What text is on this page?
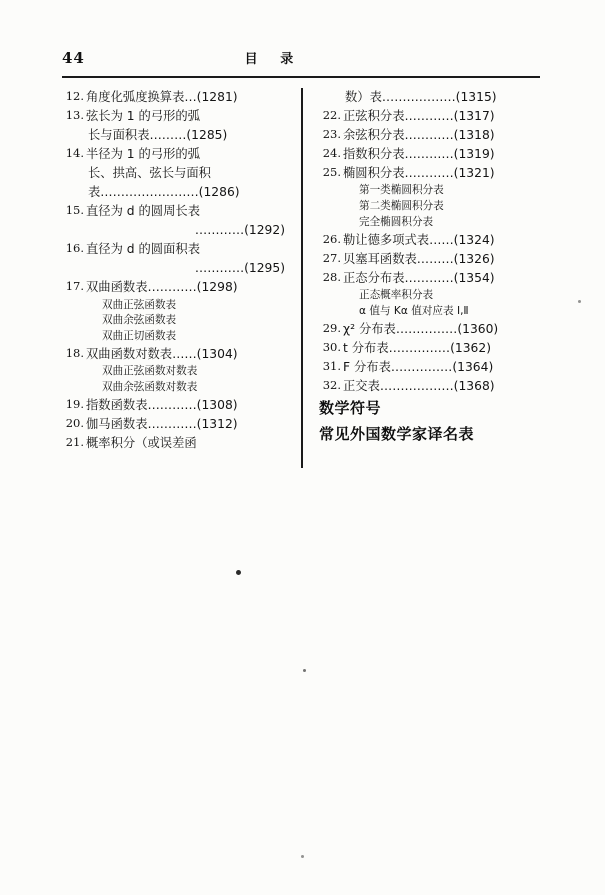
44	目 录
12. 角度化弧度换算表…(1281)
13. 弦长为 1 的弓形的弧
长与面积表………(1285)
14. 半径为 1 的弓形的弧
长、拱高、弦长与面积
表……………………(1286)
15. 直径为 d 的圆周长表
…………(1292)
16. 直径为 d 的圆面积表
…………(1295)
17. 双曲函数表…………(1298)
双曲正弦函数表
双曲余弦函数表
双曲正切函数表
18. 双曲函数对数表……(1304)
双曲正弦函数对数表
双曲余弦函数对数表
19. 指数函数表…………(1308)
20. 伽马函数表…………(1312)
21. 概率积分（或误差函
数）表………………(1315)
22. 正弦积分表…………(1317)
23. 余弦积分表…………(1318)
24. 指数积分表…………(1319)
25. 椭圆积分表…………(1321)
第一类椭圆积分表
第二类椭圆积分表
完全椭圆积分表
26. 勒让德多项式表……(1324)
27. 贝塞耳函数表………(1326)
28. 正态分布表…………(1354)
正态概率积分表
α 值与 Kα 值对应表 Ⅰ,Ⅱ
29. χ² 分布表……………(1360)
30. t 分布表……………(1362)
31. F 分布表……………(1364)
32. 正交表………………(1368)
数学符号
常见外国数学家译名表
